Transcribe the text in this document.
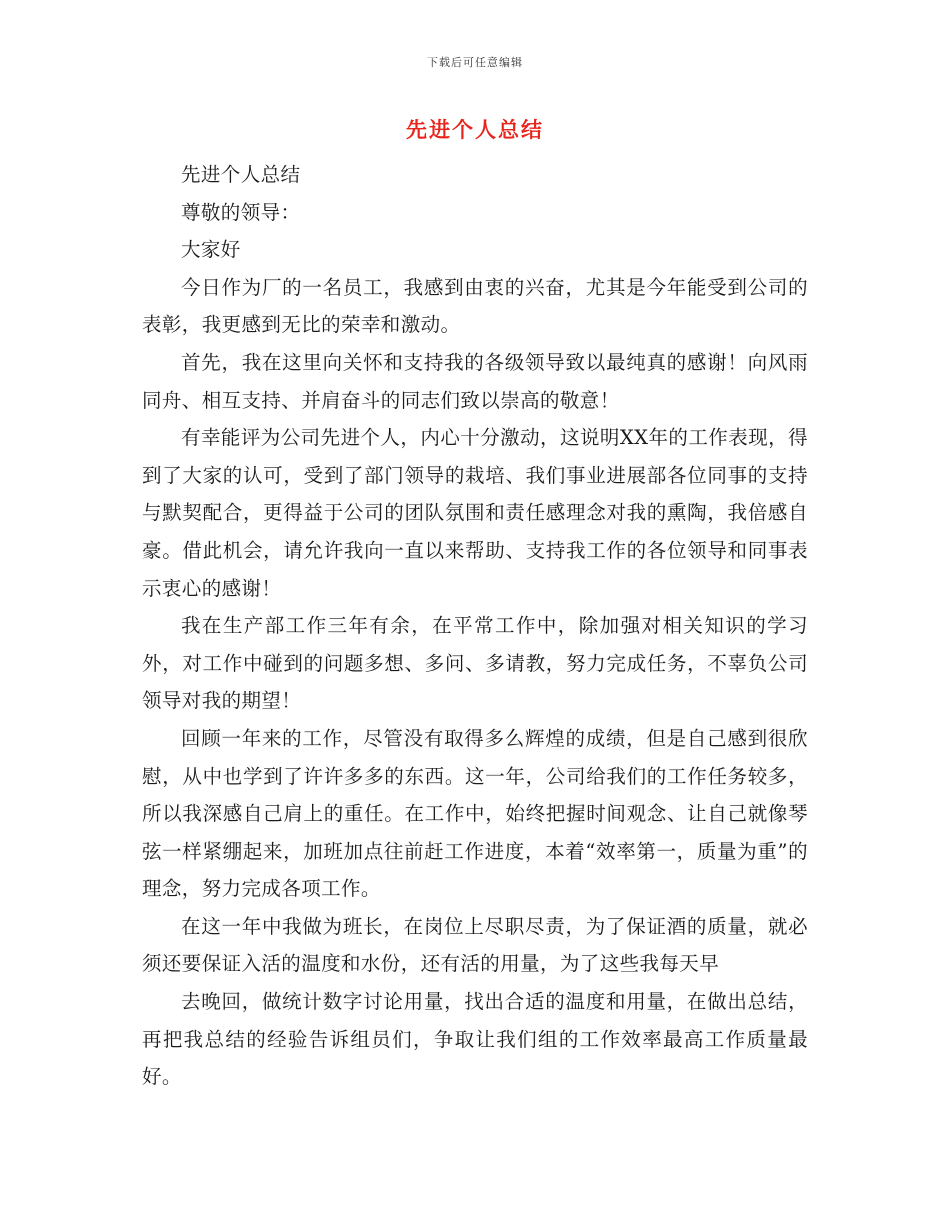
下载后可任意编辑
先进个人总结

先进个人总结

尊敬的领导：

大家好

今日作为厂的一名员工，我感到由衷的兴奋，尤其是今年能受到公司的表彰，我更感到无比的荣幸和激动。

首先，我在这里向关怀和支持我的各级领导致以最纯真的感谢！向风雨同舟、相互支持、并肩奋斗的同志们致以崇高的敬意！

有幸能评为公司先进个人，内心十分激动，这说明XX年的工作表现，得到了大家的认可，受到了部门领导的栽培、我们事业进展部各位同事的支持与默契配合，更得益于公司的团队氛围和责任感理念对我的熏陶，我倍感自豪。借此机会，请允许我向一直以来帮助、支持我工作的各位领导和同事表示衷心的感谢！

我在生产部工作三年有余，在平常工作中，除加强对相关知识的学习外，对工作中碰到的问题多想、多问、多请教，努力完成任务，不辜负公司领导对我的期望！

回顾一年来的工作，尽管没有取得多么辉煌的成绩，但是自己感到很欣慰，从中也学到了许许多多的东西。这一年，公司给我们的工作任务较多，所以我深感自己肩上的重任。在工作中，始终把握时间观念、让自己就像琴弦一样紧绷起来，加班加点往前赶工作进度，本着“效率第一，质量为重”的理念，努力完成各项工作。

在这一年中我做为班长，在岗位上尽职尽责，为了保证酒的质量，就必须还要保证入活的温度和水份，还有活的用量，为了这些我每天早

去晚回，做统计数字讨论用量，找出合适的温度和用量，在做出总结，再把我总结的经验告诉组员们，争取让我们组的工作效率最高工作质量最好。
